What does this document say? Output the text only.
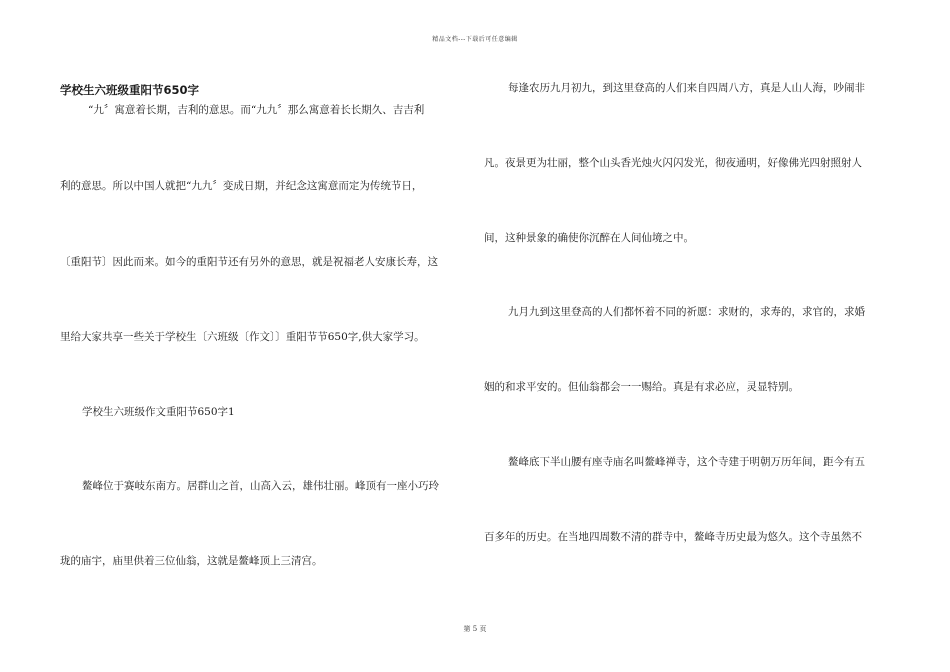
精品文档---下载后可任意编辑
学校生六班级重阳节650字
“九〞寓意着长期，吉利的意思。而“九九〞那么寓意着长长期久、吉吉利
利的意思。所以中国人就把“九九〞变成日期，并纪念这寓意而定为传统节日，
〔重阳节〕因此而来。如今的重阳节还有另外的意思，就是祝福老人安康长寿，这
里给大家共享一些关于学校生〔六班级〔作文〕〕重阳节节650字,供大家学习。
学校生六班级作文重阳节650字1
鳌峰位于赛岐东南方。居群山之首，山高入云，雄伟壮丽。峰顶有一座小巧玲
珑的庙宇，庙里供着三位仙翁，这就是鳌峰顶上三清宫。
每逢农历九月初九，到这里登高的人们来自四周八方，真是人山人海，吵闹非
凡。夜景更为壮丽，整个山头香光烛火闪闪发光，彻夜通明，好像佛光四射照射人
间，这种景象的确使你沉醉在人间仙境之中。
九月九到这里登高的人们都怀着不同的祈愿：求财的，求寿的，求官的，求婚
姻的和求平安的。但仙翁都会一一赐给。真是有求必应，灵显特别。
鳌峰底下半山腰有座寺庙名叫鳌峰禅寺，这个寺建于明朝万历年间，距今有五
百多年的历史。在当地四周数不清的群寺中，鳌峰寺历史最为悠久。这个寺虽然不
第 5 页
